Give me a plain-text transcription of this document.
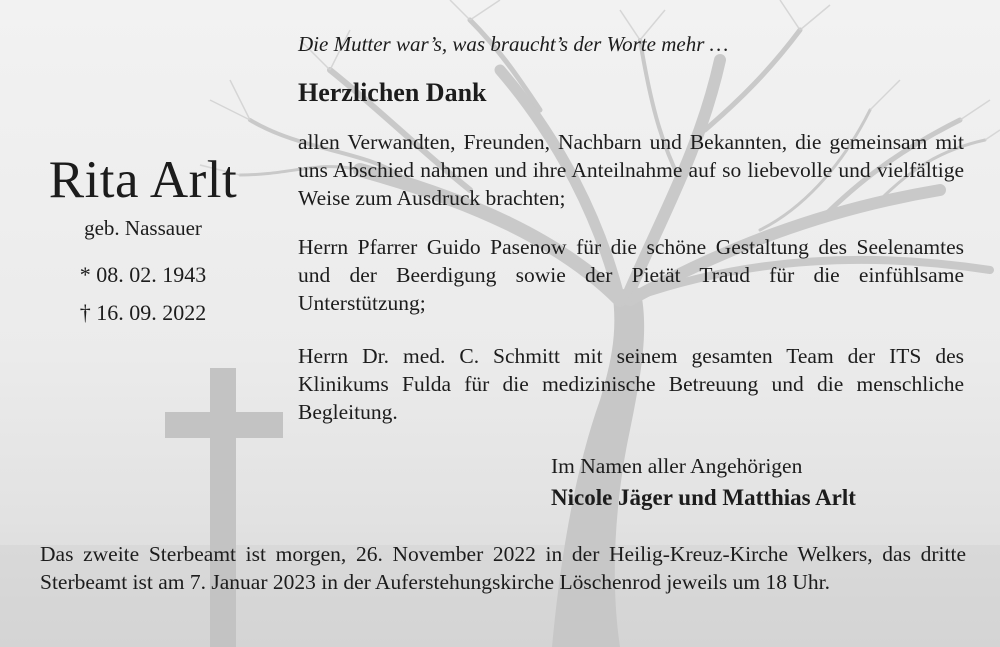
Die Mutter war’s, was braucht’s der Worte mehr …
Herzlichen Dank
allen Verwandten, Freunden, Nachbarn und Bekannten, die gemeinsam mit uns Abschied nahmen und ihre Anteilnahme auf so liebevolle und vielfältige Weise zum Ausdruck brachten;
Herrn Pfarrer Guido Pasenow für die schöne Gestaltung des Seelenamtes und der Beerdigung sowie der Pietät Traud für die einfühlsame Unterstützung;
Herrn Dr. med. C. Schmitt mit seinem gesamten Team der ITS des Klinikums Fulda für die medizinische Betreuung und die menschliche Begleitung.
Rita Arlt
geb. Nassauer
* 08. 02. 1943
† 16. 09. 2022
Im Namen aller Angehörigen
Nicole Jäger und Matthias Arlt
Das zweite Sterbeamt ist morgen, 26. November 2022 in der Heilig-Kreuz-Kirche Welkers, das dritte Sterbeamt ist am 7. Januar 2023 in der Auferstehungskirche Löschenrod jeweils um 18 Uhr.
